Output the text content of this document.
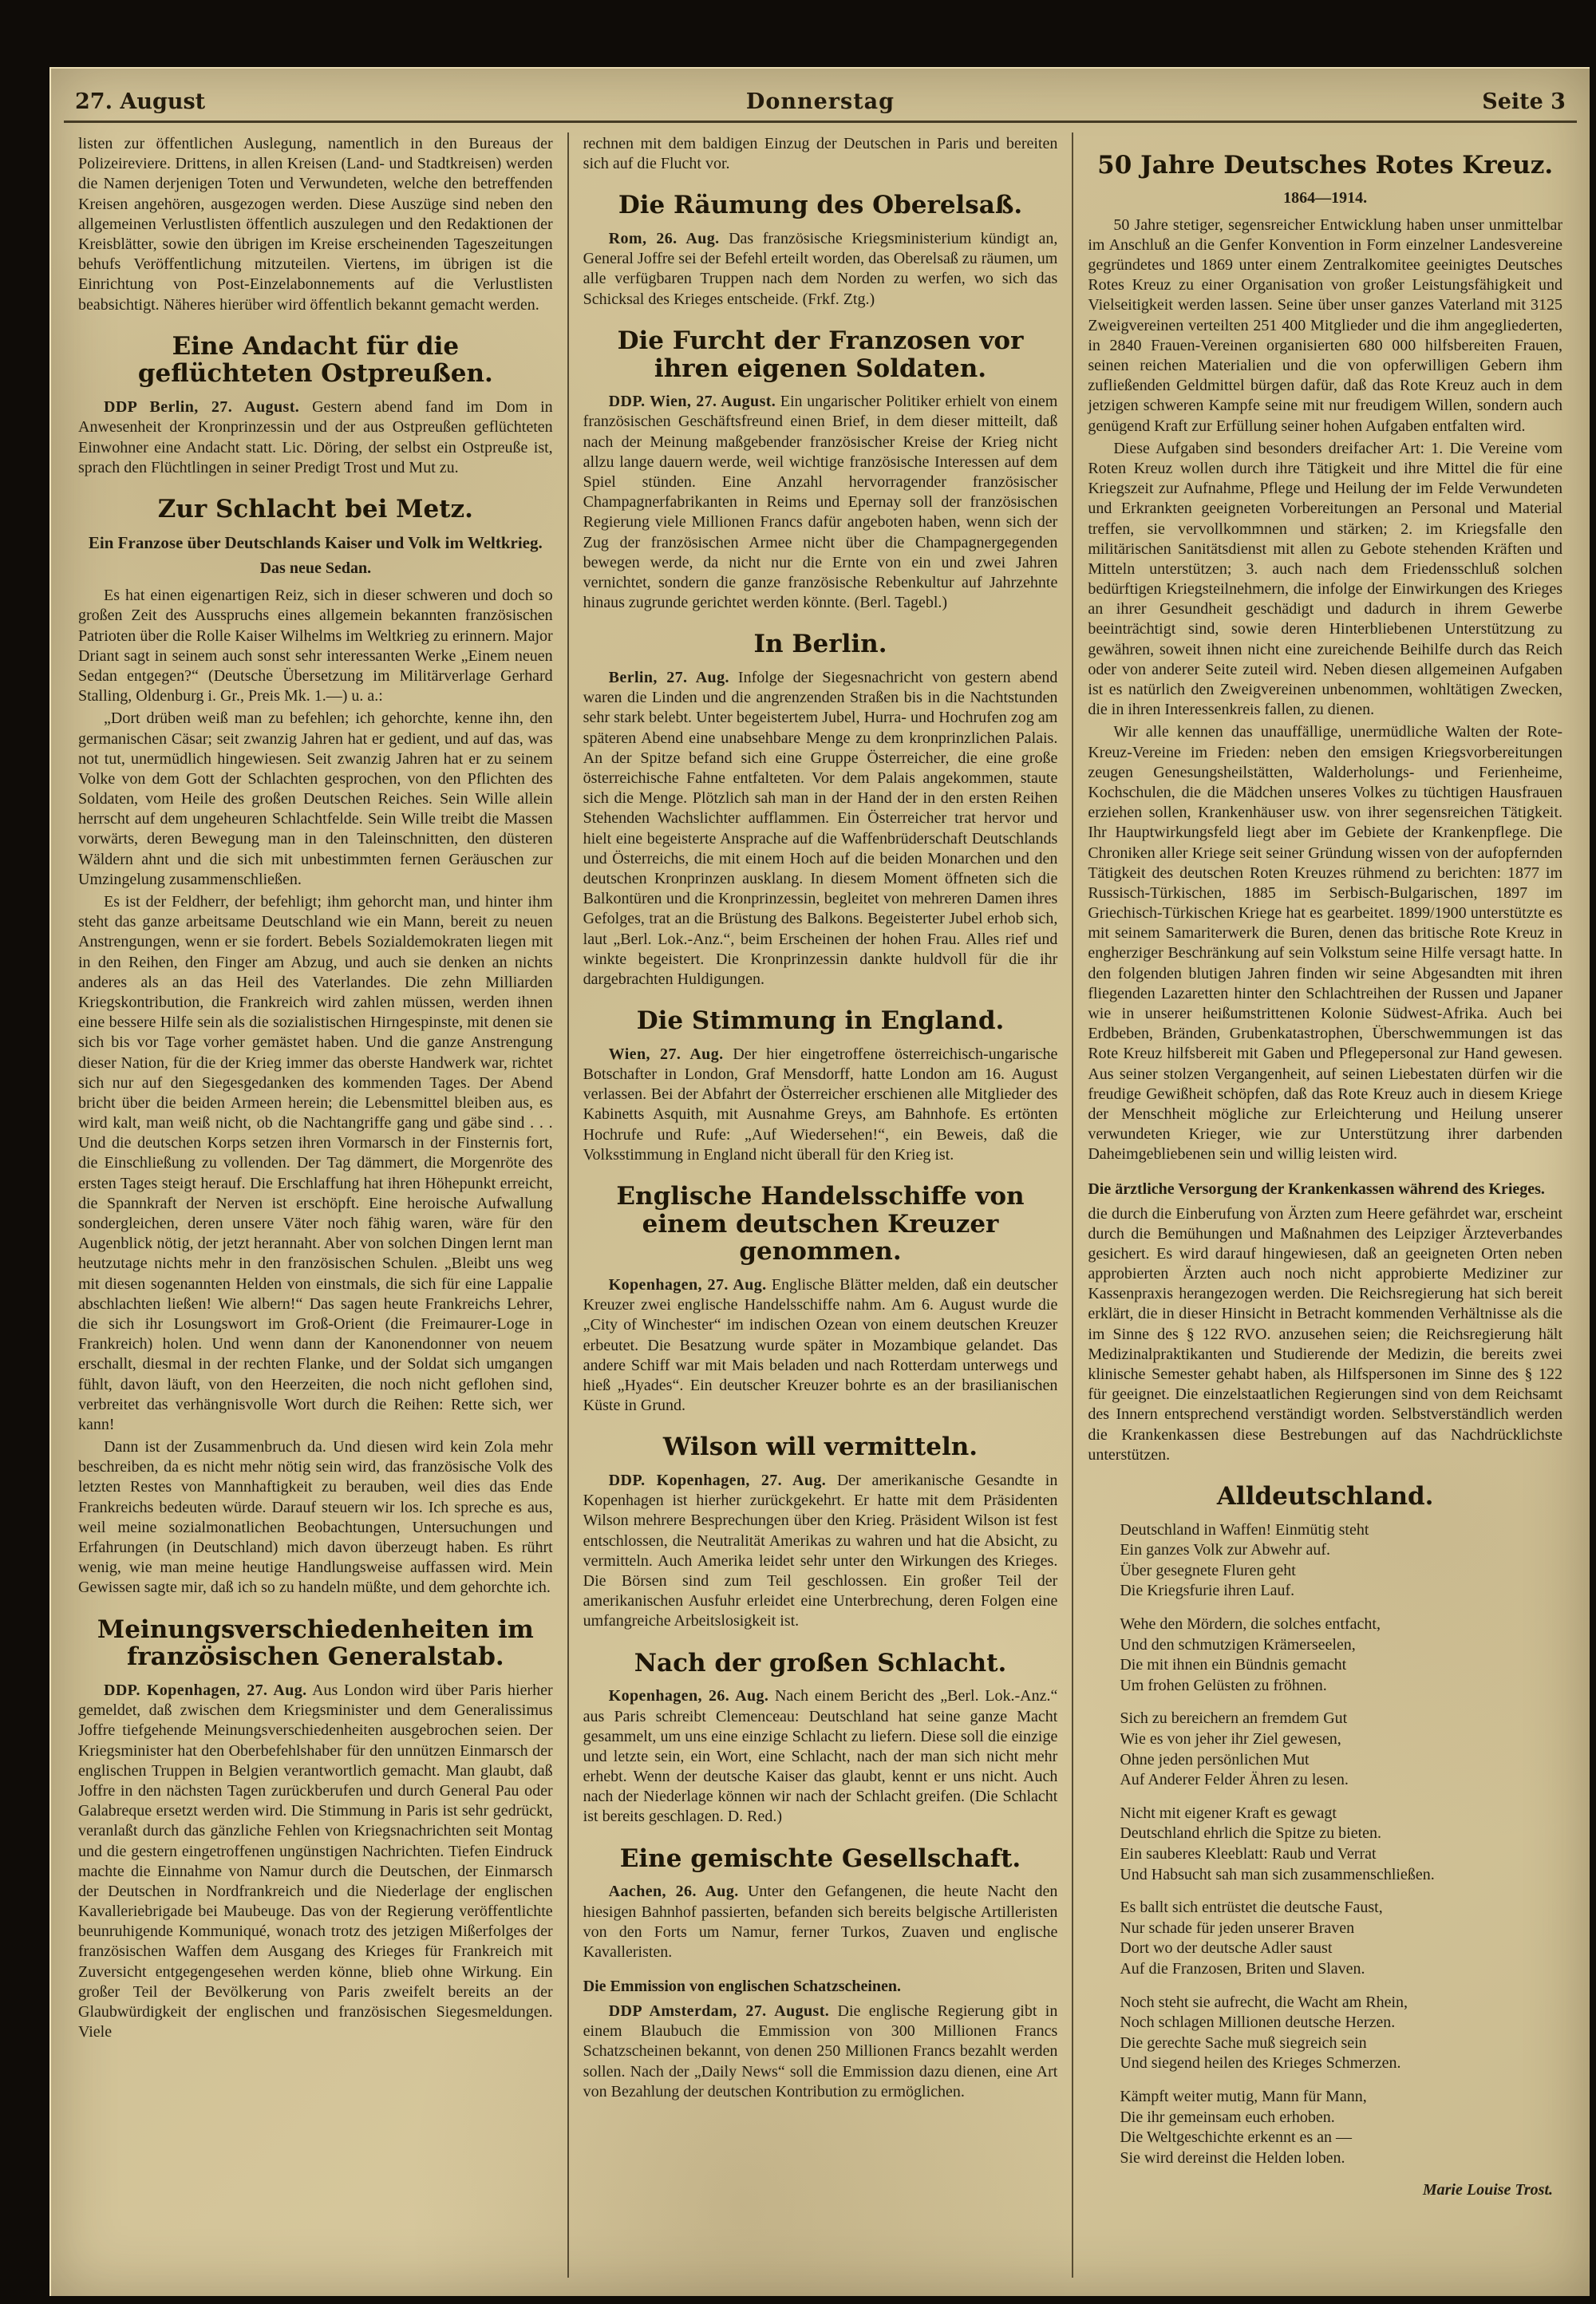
27. August	Donnerstag	Seite 3
listen zur öffentlichen Auslegung, namentlich in den Bureaus der Polizeireviere. Drittens, in allen Kreisen (Land- und Stadtkreisen) werden die Namen derjenigen Toten und Verwundeten, welche den betreffenden Kreisen angehören, ausgezogen werden. Diese Auszüge sind neben den allgemeinen Verlustlisten öffentlich auszulegen und den Redaktionen der Kreisblätter, sowie den übrigen im Kreise erscheinenden Tageszeitungen behufs Veröffentlichung mitzuteilen. Viertens, im übrigen ist die Einrichtung von Post-Einzelabonnements auf die Verlustlisten beabsichtigt. Näheres hierüber wird öffentlich bekannt gemacht werden.
Eine Andacht für die geflüchteten Ostpreußen.
DDP Berlin, 27. August. Gestern abend fand im Dom in Anwesenheit der Kronprinzessin und der aus Ostpreußen geflüchteten Einwohner eine Andacht statt. Lic. Döring, der selbst ein Ostpreuße ist, sprach den Flüchtlingen in seiner Predigt Trost und Mut zu.
Zur Schlacht bei Metz.
Ein Franzose über Deutschlands Kaiser und Volk im Weltkrieg.
Das neue Sedan.
Es hat einen eigenartigen Reiz, sich in dieser schweren und doch so großen Zeit des Ausspruchs eines allgemein bekannten französischen Patrioten über die Rolle Kaiser Wilhelms im Weltkrieg zu erinnern. Major Driant sagt in seinem auch sonst sehr interessanten Werke „Einem neuen Sedan entgegen?“ (Deutsche Übersetzung im Militärverlage Gerhard Stalling, Oldenburg i. Gr., Preis Mk. 1.—) u. a.:
„Dort drüben weiß man zu befehlen; ich gehorchte, kenne ihn, den germanischen Cäsar; seit zwanzig Jahren hat er gedient, und auf das, was not tut, unermüdlich hingewiesen. Seit zwanzig Jahren hat er zu seinem Volke von dem Gott der Schlachten gesprochen, von den Pflichten des Soldaten, vom Heile des großen Deutschen Reiches. Sein Wille allein herrscht auf dem ungeheuren Schlachtfelde. Sein Wille treibt die Massen vorwärts, deren Bewegung man in den Taleinschnitten, den düsteren Wäldern ahnt und die sich mit unbestimmten fernen Geräuschen zur Umzingelung zusammenschließen.
Es ist der Feldherr, der befehligt; ihm gehorcht man, und hinter ihm steht das ganze arbeitsame Deutschland wie ein Mann, bereit zu neuen Anstrengungen, wenn er sie fordert. Bebels Sozialdemokraten liegen mit in den Reihen, den Finger am Abzug, und auch sie denken an nichts anderes als an das Heil des Vaterlandes. Die zehn Milliarden Kriegskontribution, die Frankreich wird zahlen müssen, werden ihnen eine bessere Hilfe sein als die sozialistischen Hirngespinste, mit denen sie sich bis vor Tage vorher gemästet haben. Und die ganze Anstrengung dieser Nation, für die der Krieg immer das oberste Handwerk war, richtet sich nur auf den Siegesgedanken des kommenden Tages. Der Abend bricht über die beiden Armeen herein; die Lebensmittel bleiben aus, es wird kalt, man weiß nicht, ob die Nachtangriffe gang und gäbe sind . . . Und die deutschen Korps setzen ihren Vormarsch in der Finsternis fort, die Einschließung zu vollenden. Der Tag dämmert, die Morgenröte des ersten Tages steigt herauf. Die Erschlaffung hat ihren Höhepunkt erreicht, die Spannkraft der Nerven ist erschöpft. Eine heroische Aufwallung sondergleichen, deren unsere Väter noch fähig waren, wäre für den Augenblick nötig, der jetzt herannaht. Aber von solchen Dingen lernt man heutzutage nichts mehr in den französischen Schulen. „Bleibt uns weg mit diesen sogenannten Helden von einstmals, die sich für eine Lappalie abschlachten ließen! Wie albern!“ Das sagen heute Frankreichs Lehrer, die sich ihr Losungswort im Groß-Orient (die Freimaurer-Loge in Frankreich) holen. Und wenn dann der Kanonendonner von neuem erschallt, diesmal in der rechten Flanke, und der Soldat sich umgangen fühlt, davon läuft, von den Heerzeiten, die noch nicht geflohen sind, verbreitet das verhängnisvolle Wort durch die Reihen: Rette sich, wer kann!
Dann ist der Zusammenbruch da. Und diesen wird kein Zola mehr beschreiben, da es nicht mehr nötig sein wird, das französische Volk des letzten Restes von Mannhaftigkeit zu berauben, weil dies das Ende Frankreichs bedeuten würde. Darauf steuern wir los. Ich spreche es aus, weil meine sozialmonatlichen Beobachtungen, Untersuchungen und Erfahrungen (in Deutschland) mich davon überzeugt haben. Es rührt wenig, wie man meine heutige Handlungsweise auffassen wird. Mein Gewissen sagte mir, daß ich so zu handeln müßte, und dem gehorchte ich.
Meinungsverschiedenheiten im französischen Generalstab.
DDP. Kopenhagen, 27. Aug. Aus London wird über Paris hierher gemeldet, daß zwischen dem Kriegsminister und dem Generalissimus Joffre tiefgehende Meinungsverschiedenheiten ausgebrochen seien. Der Kriegsminister hat den Oberbefehlshaber für den unnützen Einmarsch der englischen Truppen in Belgien verantwortlich gemacht. Man glaubt, daß Joffre in den nächsten Tagen zurückberufen und durch General Pau oder Galabreque ersetzt werden wird. Die Stimmung in Paris ist sehr gedrückt, veranlaßt durch das gänzliche Fehlen von Kriegsnachrichten seit Montag und die gestern eingetroffenen ungünstigen Nachrichten. Tiefen Eindruck machte die Einnahme von Namur durch die Deutschen, der Einmarsch der Deutschen in Nordfrankreich und die Niederlage der englischen Kavalleriebrigade bei Maubeuge. Das von der Regierung veröffentlichte beunruhigende Kommuniqué, wonach trotz des jetzigen Mißerfolges der französischen Waffen dem Ausgang des Krieges für Frankreich mit Zuversicht entgegengesehen werden könne, blieb ohne Wirkung. Ein großer Teil der Bevölkerung von Paris zweifelt bereits an der Glaubwürdigkeit der englischen und französischen Siegesmeldungen. Viele
rechnen mit dem baldigen Einzug der Deutschen in Paris und bereiten sich auf die Flucht vor.
Die Räumung des Oberelsaß.
Rom, 26. Aug. Das französische Kriegsministerium kündigt an, General Joffre sei der Befehl erteilt worden, das Oberelsaß zu räumen, um alle verfügbaren Truppen nach dem Norden zu werfen, wo sich das Schicksal des Krieges entscheide. (Frkf. Ztg.)
Die Furcht der Franzosen vor ihren eigenen Soldaten.
DDP. Wien, 27. August. Ein ungarischer Politiker erhielt von einem französischen Geschäftsfreund einen Brief, in dem dieser mitteilt, daß nach der Meinung maßgebender französischer Kreise der Krieg nicht allzu lange dauern werde, weil wichtige französische Interessen auf dem Spiel stünden. Eine Anzahl hervorragender französischer Champagnerfabrikanten in Reims und Epernay soll der französischen Regierung viele Millionen Francs dafür angeboten haben, wenn sich der Zug der französischen Armee nicht über die Champagnergegenden bewegen werde, da nicht nur die Ernte von ein und zwei Jahren vernichtet, sondern die ganze französische Rebenkultur auf Jahrzehnte hinaus zugrunde gerichtet werden könnte. (Berl. Tagebl.)
In Berlin.
Berlin, 27. Aug. Infolge der Siegesnachricht von gestern abend waren die Linden und die angrenzenden Straßen bis in die Nachtstunden sehr stark belebt. Unter begeistertem Jubel, Hurra- und Hochrufen zog am späteren Abend eine unabsehbare Menge zu dem kronprinzlichen Palais. An der Spitze befand sich eine Gruppe Österreicher, die eine große österreichische Fahne entfalteten. Vor dem Palais angekommen, staute sich die Menge. Plötzlich sah man in der Hand der in den ersten Reihen Stehenden Wachslichter aufflammen. Ein Österreicher trat hervor und hielt eine begeisterte Ansprache auf die Waffenbrüderschaft Deutschlands und Österreichs, die mit einem Hoch auf die beiden Monarchen und den deutschen Kronprinzen ausklang. In diesem Moment öffneten sich die Balkontüren und die Kronprinzessin, begleitet von mehreren Damen ihres Gefolges, trat an die Brüstung des Balkons. Begeisterter Jubel erhob sich, laut „Berl. Lok.-Anz.“, beim Erscheinen der hohen Frau. Alles rief und winkte begeistert. Die Kronprinzessin dankte huldvoll für die ihr dargebrachten Huldigungen.
Die Stimmung in England.
Wien, 27. Aug. Der hier eingetroffene österreichisch-ungarische Botschafter in London, Graf Mensdorff, hatte London am 16. August verlassen. Bei der Abfahrt der Österreicher erschienen alle Mitglieder des Kabinetts Asquith, mit Ausnahme Greys, am Bahnhofe. Es ertönten Hochrufe und Rufe: „Auf Wiedersehen!“, ein Beweis, daß die Volksstimmung in England nicht überall für den Krieg ist.
Englische Handelsschiffe von einem deutschen Kreuzer genommen.
Kopenhagen, 27. Aug. Englische Blätter melden, daß ein deutscher Kreuzer zwei englische Handelsschiffe nahm. Am 6. August wurde die „City of Winchester“ im indischen Ozean von einem deutschen Kreuzer erbeutet. Die Besatzung wurde später in Mozambique gelandet. Das andere Schiff war mit Mais beladen und nach Rotterdam unterwegs und hieß „Hyades“. Ein deutscher Kreuzer bohrte es an der brasilianischen Küste in Grund.
Wilson will vermitteln.
DDP. Kopenhagen, 27. Aug. Der amerikanische Gesandte in Kopenhagen ist hierher zurückgekehrt. Er hatte mit dem Präsidenten Wilson mehrere Besprechungen über den Krieg. Präsident Wilson ist fest entschlossen, die Neutralität Amerikas zu wahren und hat die Absicht, zu vermitteln. Auch Amerika leidet sehr unter den Wirkungen des Krieges. Die Börsen sind zum Teil geschlossen. Ein großer Teil der amerikanischen Ausfuhr erleidet eine Unterbrechung, deren Folgen eine umfangreiche Arbeitslosigkeit ist.
Nach der großen Schlacht.
Kopenhagen, 26. Aug. Nach einem Bericht des „Berl. Lok.-Anz.“ aus Paris schreibt Clemenceau: Deutschland hat seine ganze Macht gesammelt, um uns eine einzige Schlacht zu liefern. Diese soll die einzige und letzte sein, ein Wort, eine Schlacht, nach der man sich nicht mehr erhebt. Wenn der deutsche Kaiser das glaubt, kennt er uns nicht. Auch nach der Niederlage können wir nach der Schlacht greifen. (Die Schlacht ist bereits geschlagen. D. Red.)
Eine gemischte Gesellschaft.
Aachen, 26. Aug. Unter den Gefangenen, die heute Nacht den hiesigen Bahnhof passierten, befanden sich bereits belgische Artilleristen von den Forts um Namur, ferner Turkos, Zuaven und englische Kavalleristen.
Die Emmission von englischen Schatzscheinen.
DDP Amsterdam, 27. August. Die englische Regierung gibt in einem Blaubuch die Emmission von 300 Millionen Francs Schatzscheinen bekannt, von denen 250 Millionen Francs bezahlt werden sollen. Nach der „Daily News“ soll die Emmission dazu dienen, eine Art von Bezahlung der deutschen Kontribution zu ermöglichen.
50 Jahre Deutsches Rotes Kreuz.
1864—1914.
50 Jahre stetiger, segensreicher Entwicklung haben unser unmittelbar im Anschluß an die Genfer Konvention in Form einzelner Landesvereine gegründetes und 1869 unter einem Zentralkomitee geeinigtes Deutsches Rotes Kreuz zu einer Organisation von großer Leistungsfähigkeit und Vielseitigkeit werden lassen. Seine über unser ganzes Vaterland mit 3125 Zweigvereinen verteilten 251 400 Mitglieder und die ihm angegliederten, in 2840 Frauen-Vereinen organisierten 680 000 hilfsbereiten Frauen, seinen reichen Materialien und die von opferwilligen Gebern ihm zufließenden Geldmittel bürgen dafür, daß das Rote Kreuz auch in dem jetzigen schweren Kampfe seine mit nur freudigem Willen, sondern auch genügend Kraft zur Erfüllung seiner hohen Aufgaben entfalten wird.
Diese Aufgaben sind besonders dreifacher Art: 1. Die Vereine vom Roten Kreuz wollen durch ihre Tätigkeit und ihre Mittel die für eine Kriegszeit zur Aufnahme, Pflege und Heilung der im Felde Verwundeten und Erkrankten geeigneten Vorbereitungen an Personal und Material treffen, sie vervollkommnen und stärken; 2. im Kriegsfalle den militärischen Sanitätsdienst mit allen zu Gebote stehenden Kräften und Mitteln unterstützen; 3. auch nach dem Friedensschluß solchen bedürftigen Kriegsteilnehmern, die infolge der Einwirkungen des Krieges an ihrer Gesundheit geschädigt und dadurch in ihrem Gewerbe beeinträchtigt sind, sowie deren Hinterbliebenen Unterstützung zu gewähren, soweit ihnen nicht eine zureichende Beihilfe durch das Reich oder von anderer Seite zuteil wird. Neben diesen allgemeinen Aufgaben ist es natürlich den Zweigvereinen unbenommen, wohltätigen Zwecken, die in ihren Interessenkreis fallen, zu dienen.
Wir alle kennen das unauffällige, unermüdliche Walten der Rote-Kreuz-Vereine im Frieden: neben den emsigen Kriegsvorbereitungen zeugen Genesungsheilstätten, Walderholungs- und Ferienheime, Kochschulen, die die Mädchen unseres Volkes zu tüchtigen Hausfrauen erziehen sollen, Krankenhäuser usw. von ihrer segensreichen Tätigkeit. Ihr Hauptwirkungsfeld liegt aber im Gebiete der Krankenpflege. Die Chroniken aller Kriege seit seiner Gründung wissen von der aufopfernden Tätigkeit des deutschen Roten Kreuzes rühmend zu berichten: 1877 im Russisch-Türkischen, 1885 im Serbisch-Bulgarischen, 1897 im Griechisch-Türkischen Kriege hat es gearbeitet. 1899/1900 unterstützte es mit seinem Samariterwerk die Buren, denen das britische Rote Kreuz in engherziger Beschränkung auf sein Volkstum seine Hilfe versagt hatte. In den folgenden blutigen Jahren finden wir seine Abgesandten mit ihren fliegenden Lazaretten hinter den Schlachtreihen der Russen und Japaner wie in unserer heißumstrittenen Kolonie Südwest-Afrika. Auch bei Erdbeben, Bränden, Grubenkatastrophen, Überschwemmungen ist das Rote Kreuz hilfsbereit mit Gaben und Pflegepersonal zur Hand gewesen. Aus seiner stolzen Vergangenheit, auf seinen Liebestaten dürfen wir die freudige Gewißheit schöpfen, daß das Rote Kreuz auch in diesem Kriege der Menschheit mögliche zur Erleichterung und Heilung unserer verwundeten Krieger, wie zur Unterstützung ihrer darbenden Daheimgebliebenen sein und willig leisten wird.
Die ärztliche Versorgung der Krankenkassen während des Krieges.
die durch die Einberufung von Ärzten zum Heere gefährdet war, erscheint durch die Bemühungen und Maßnahmen des Leipziger Ärzteverbandes gesichert. Es wird darauf hingewiesen, daß an geeigneten Orten neben approbierten Ärzten auch noch nicht approbierte Mediziner zur Kassenpraxis herangezogen werden. Die Reichsregierung hat sich bereit erklärt, die in dieser Hinsicht in Betracht kommenden Verhältnisse als die im Sinne des § 122 RVO. anzusehen seien; die Reichsregierung hält Medizinalpraktikanten und Studierende der Medizin, die bereits zwei klinische Semester gehabt haben, als Hilfspersonen im Sinne des § 122 für geeignet. Die einzelstaatlichen Regierungen sind von dem Reichsamt des Innern entsprechend verständigt worden. Selbstverständlich werden die Krankenkassen diese Bestrebungen auf das Nachdrücklichste unterstützen.
Alldeutschland.
Deutschland in Waffen! Einmütig steht
Ein ganzes Volk zur Abwehr auf.
Über gesegnete Fluren geht
Die Kriegsfurie ihren Lauf.
Wehe den Mördern, die solches entfacht,
Und den schmutzigen Krämerseelen,
Die mit ihnen ein Bündnis gemacht
Um frohen Gelüsten zu fröhnen.
Sich zu bereichern an fremdem Gut
Wie es von jeher ihr Ziel gewesen,
Ohne jeden persönlichen Mut
Auf Anderer Felder Ähren zu lesen.
Nicht mit eigener Kraft es gewagt
Deutschland ehrlich die Spitze zu bieten.
Ein sauberes Kleeblatt: Raub und Verrat
Und Habsucht sah man sich zusammenschließen.
Es ballt sich entrüstet die deutsche Faust,
Nur schade für jeden unserer Braven
Dort wo der deutsche Adler saust
Auf die Franzosen, Briten und Slaven.
Noch steht sie aufrecht, die Wacht am Rhein,
Noch schlagen Millionen deutsche Herzen.
Die gerechte Sache muß siegreich sein
Und siegend heilen des Krieges Schmerzen.
Kämpft weiter mutig, Mann für Mann,
Die ihr gemeinsam euch erhoben.
Die Weltgeschichte erkennt es an —
Sie wird dereinst die Helden loben.
Marie Louise Trost.
